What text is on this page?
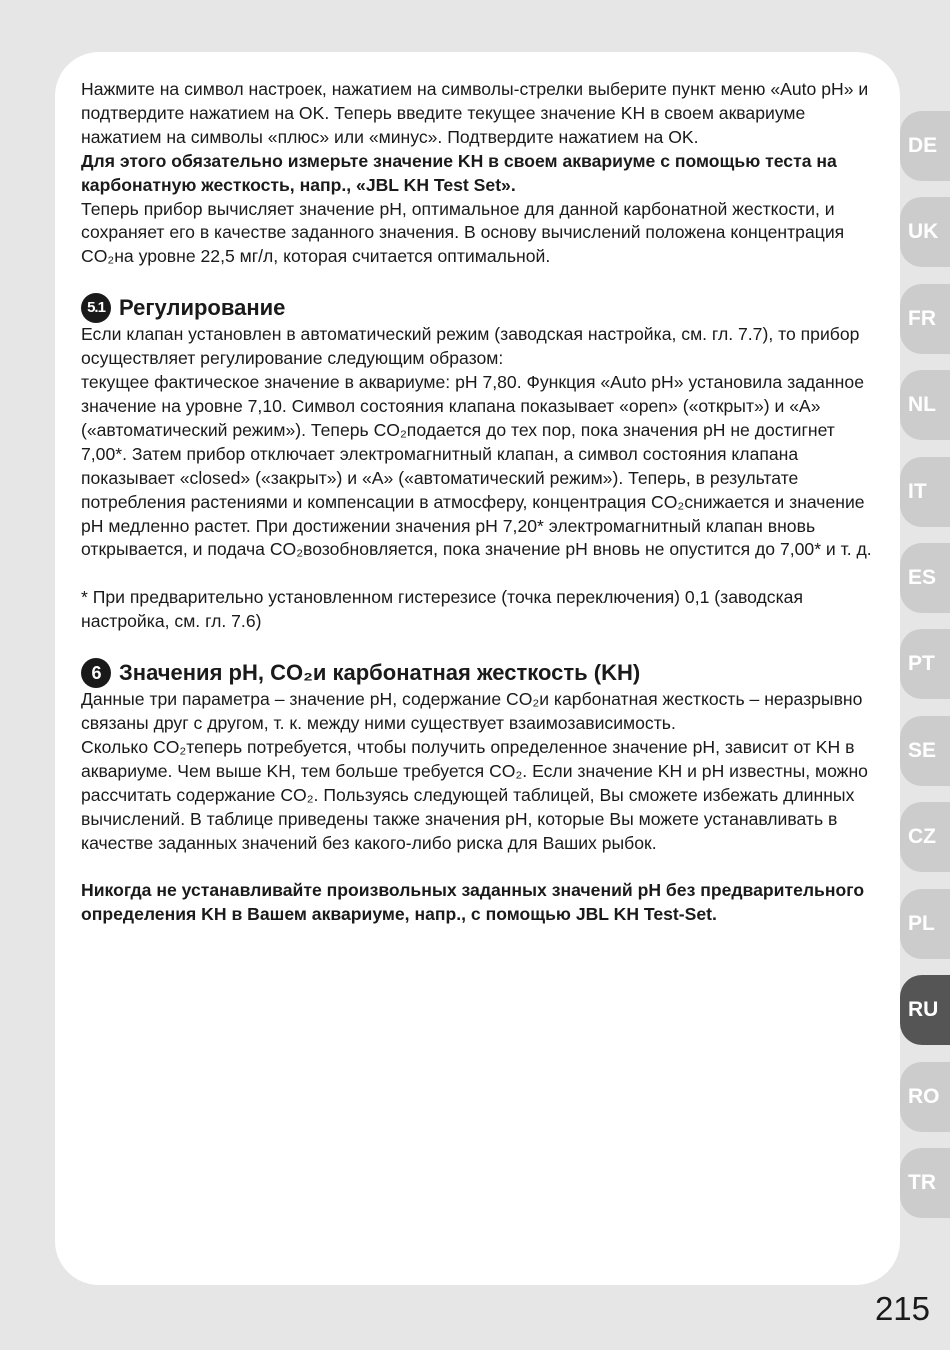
Нажмите на символ настроек, нажатием на символы-стрелки выберите пункт меню «Auto pH» и подтвердите нажатием на OK. Теперь введите текущее значение KH в своем аквариуме нажатием на символы «плюс» или «минус». Подтвердите нажатием на OK.

Для этого обязательно измерьте значение KH в своем аквариуме с помощью теста на карбонатную жесткость, напр., «JBL KH Test Set».

Теперь прибор вычисляет значение pH, оптимальное для данной карбонатной жесткости, и сохраняет его в качестве заданного значения. В основу вычислений положена концентрация CO₂на уровне 22,5 мг/л, которая считается оптимальной.

5.1 Регулирование

Если клапан установлен в автоматический режим (заводская настройка, см. гл. 7.7), то прибор осуществляет регулирование следующим образом:

текущее фактическое значение в аквариуме: pH 7,80. Функция «Auto pH» установила заданное значение на уровне 7,10. Символ состояния клапана показывает «open» («открыт») и «A» («автоматический режим»). Теперь CO₂подается до тех пор, пока значения pH не достигнет 7,00*. Затем прибор отключает электромагнитный клапан, а символ состояния клапана показывает «closed» («закрыт») и «A» («автоматический режим»). Теперь, в результате потребления растениями и компенсации в атмосферу, концентрация CO₂снижается и значение pH медленно растет. При достижении значения pH 7,20* электромагнитный клапан вновь открывается, и подача CO₂возобновляется, пока значение pH вновь не опустится до 7,00* и т. д.

* При предварительно установленном гистерезисе (точка переключения) 0,1 (заводская настройка, см. гл. 7.6)

6 Значения pH, CO₂и карбонатная жесткость (KH)

Данные три параметра – значение pH, содержание CO₂и карбонатная жесткость – неразрывно связаны друг с другом, т. к. между ними существует взаимозависимость.

Сколько CO₂теперь потребуется, чтобы получить определенное значение pH, зависит от KH в аквариуме. Чем выше KH, тем больше требуется CO₂. Если значение KH и pH известны, можно рассчитать содержание CO₂. Пользуясь следующей таблицей, Вы сможете избежать длинных вычислений. В таблице приведены также значения pH, которые Вы можете устанавливать в качестве заданных значений без какого-либо риска для Ваших рыбок.

Никогда не устанавливайте произвольных заданных значений pH без предварительного определения KH в Вашем аквариуме, напр., с помощью JBL KH Test-Set.

DE
UK
FR
NL
IT
ES
PT
SE
CZ
PL
RU
RO
TR
215
